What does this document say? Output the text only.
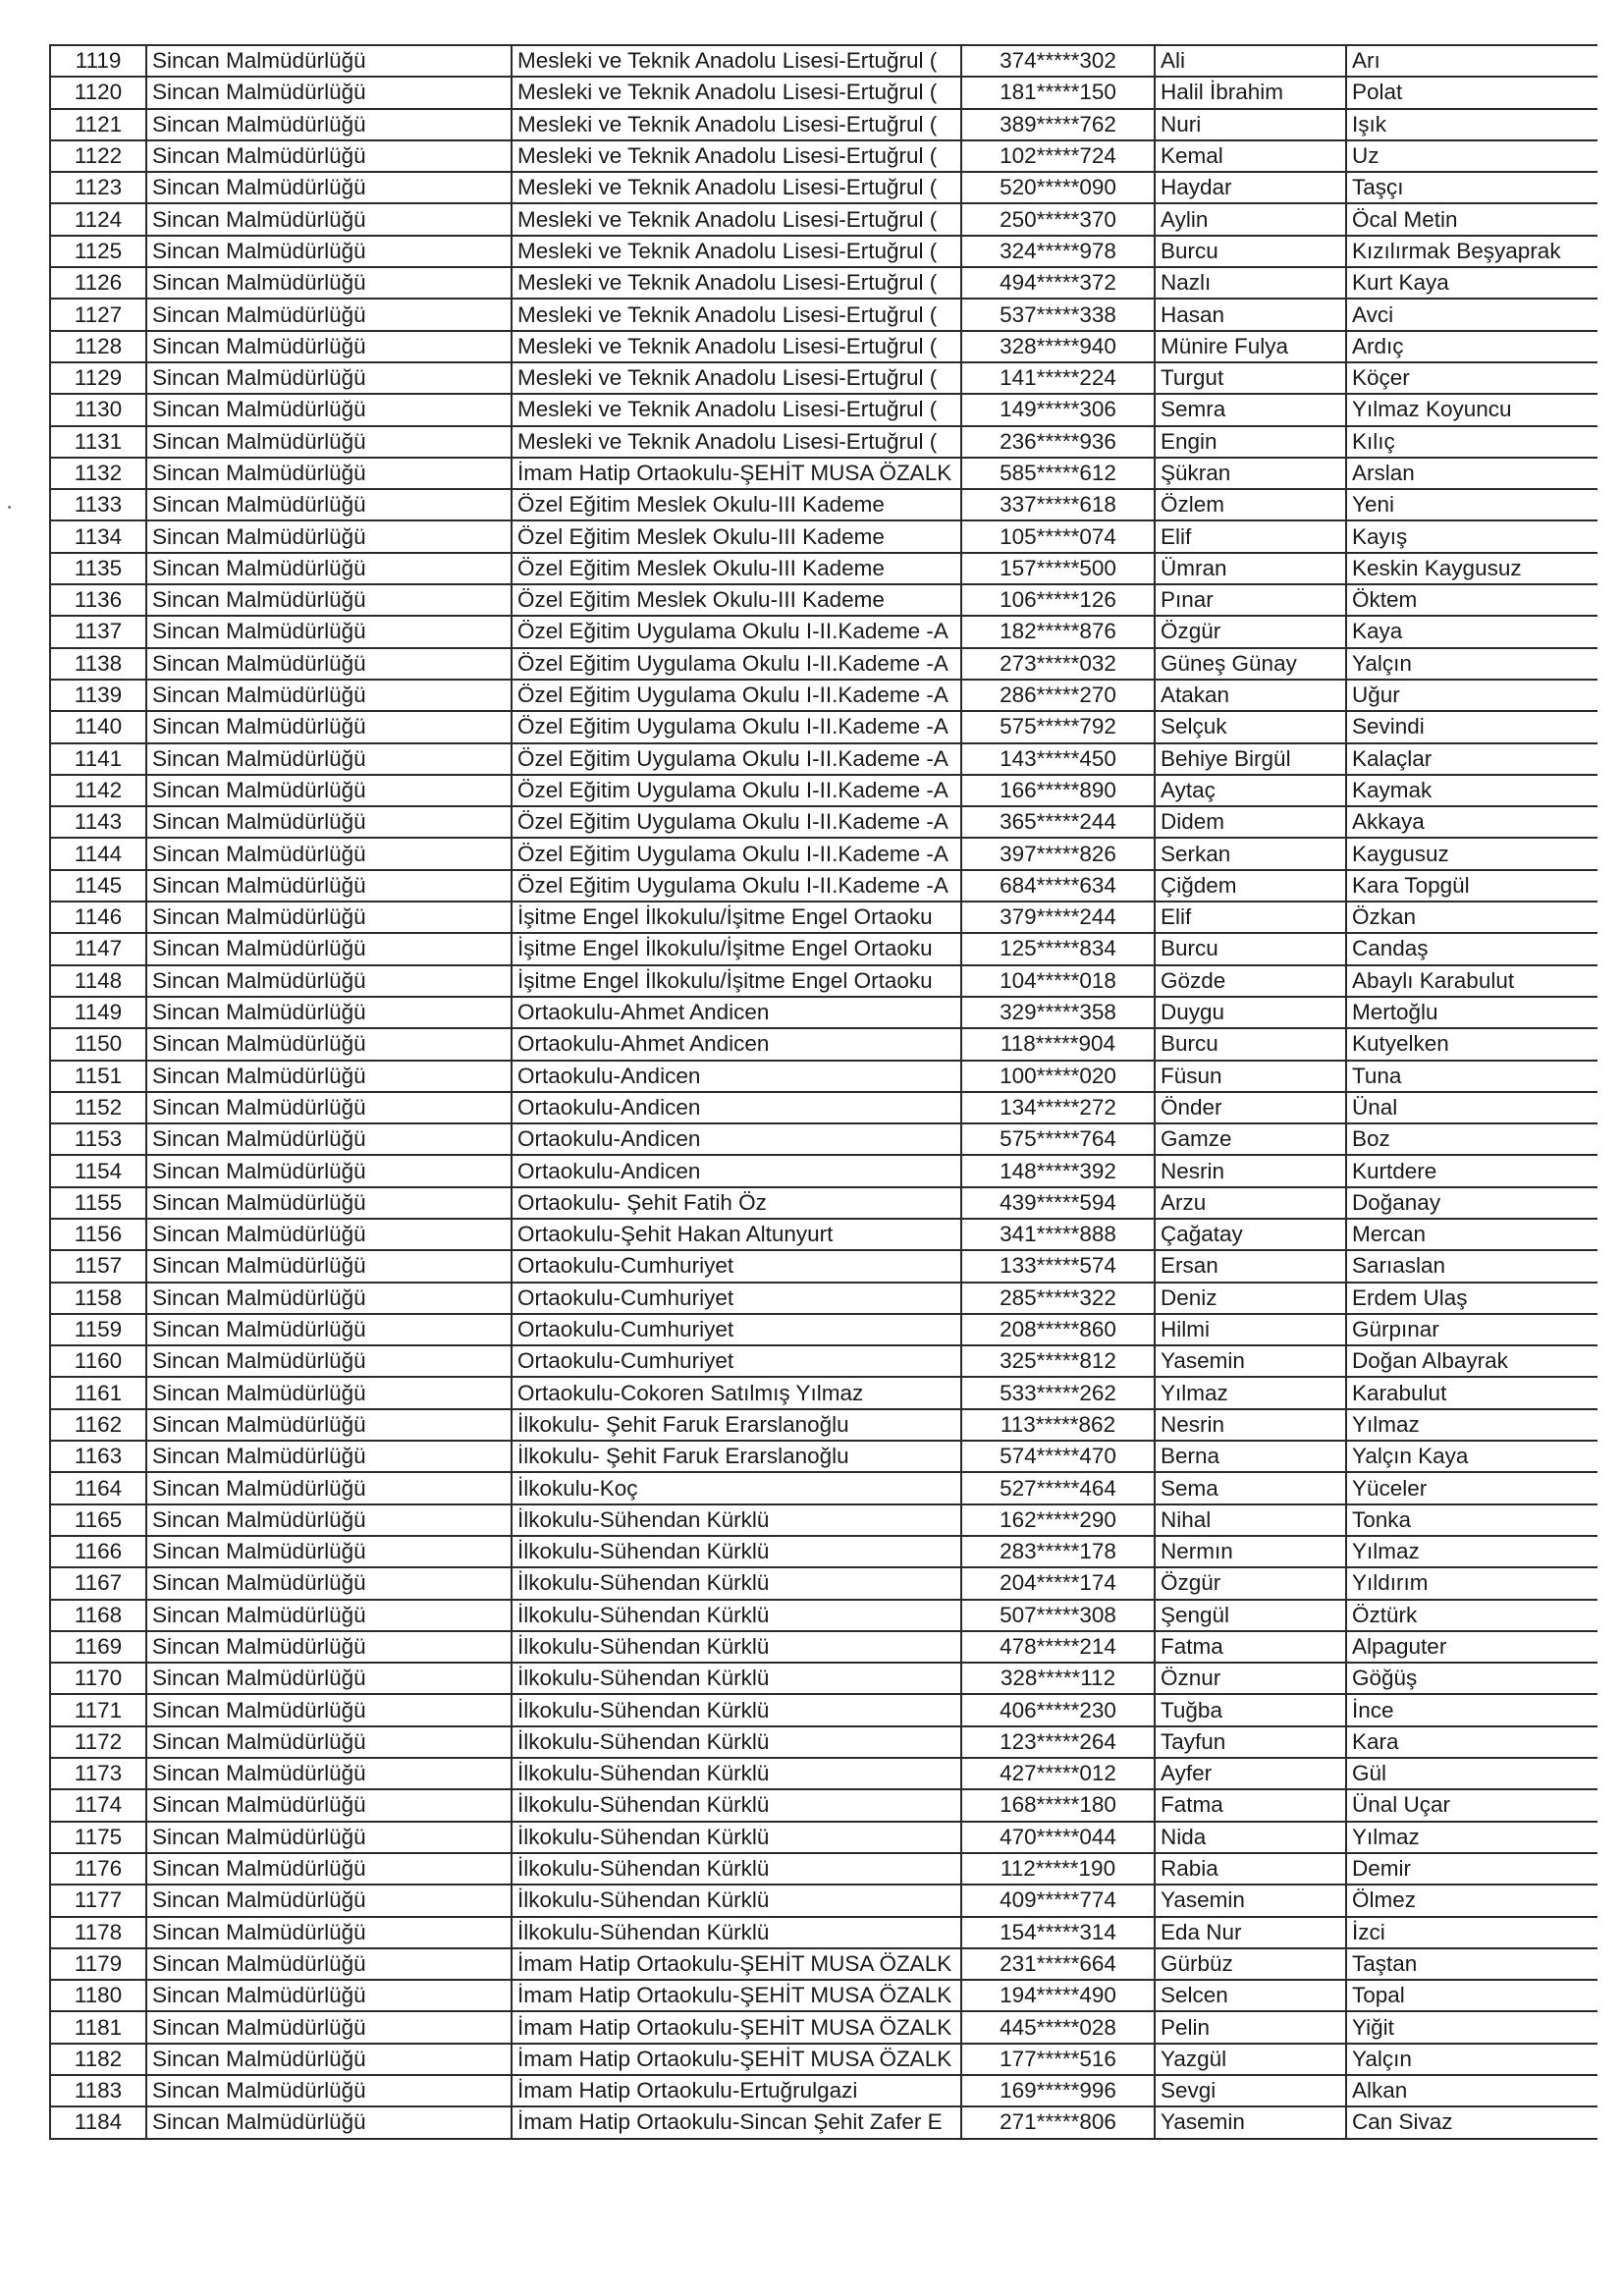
1119	Sincan Malmüdürlüğü	Mesleki ve Teknik Anadolu Lisesi-Ertuğrul (	374*****302	Ali	Arı
1120	Sincan Malmüdürlüğü	Mesleki ve Teknik Anadolu Lisesi-Ertuğrul (	181*****150	Halil İbrahim	Polat
1121	Sincan Malmüdürlüğü	Mesleki ve Teknik Anadolu Lisesi-Ertuğrul (	389*****762	Nuri	Işık
1122	Sincan Malmüdürlüğü	Mesleki ve Teknik Anadolu Lisesi-Ertuğrul (	102*****724	Kemal	Uz
1123	Sincan Malmüdürlüğü	Mesleki ve Teknik Anadolu Lisesi-Ertuğrul (	520*****090	Haydar	Taşçı
1124	Sincan Malmüdürlüğü	Mesleki ve Teknik Anadolu Lisesi-Ertuğrul (	250*****370	Aylin	Öcal Metin
1125	Sincan Malmüdürlüğü	Mesleki ve Teknik Anadolu Lisesi-Ertuğrul (	324*****978	Burcu	Kızılırmak Beşyaprak
1126	Sincan Malmüdürlüğü	Mesleki ve Teknik Anadolu Lisesi-Ertuğrul (	494*****372	Nazlı	Kurt Kaya
1127	Sincan Malmüdürlüğü	Mesleki ve Teknik Anadolu Lisesi-Ertuğrul (	537*****338	Hasan	Avci
1128	Sincan Malmüdürlüğü	Mesleki ve Teknik Anadolu Lisesi-Ertuğrul (	328*****940	Münire Fulya	Ardıç
1129	Sincan Malmüdürlüğü	Mesleki ve Teknik Anadolu Lisesi-Ertuğrul (	141*****224	Turgut	Köçer
1130	Sincan Malmüdürlüğü	Mesleki ve Teknik Anadolu Lisesi-Ertuğrul (	149*****306	Semra	Yılmaz Koyuncu
1131	Sincan Malmüdürlüğü	Mesleki ve Teknik Anadolu Lisesi-Ertuğrul (	236*****936	Engin	Kılıç
1132	Sincan Malmüdürlüğü	İmam Hatip Ortaokulu-ŞEHİT MUSA ÖZALK	585*****612	Şükran	Arslan
1133	Sincan Malmüdürlüğü	Özel Eğitim Meslek Okulu-III Kademe	337*****618	Özlem	Yeni
1134	Sincan Malmüdürlüğü	Özel Eğitim Meslek Okulu-III Kademe	105*****074	Elif	Kayış
1135	Sincan Malmüdürlüğü	Özel Eğitim Meslek Okulu-III Kademe	157*****500	Ümran	Keskin Kaygusuz
1136	Sincan Malmüdürlüğü	Özel Eğitim Meslek Okulu-III Kademe	106*****126	Pınar	Öktem
1137	Sincan Malmüdürlüğü	Özel Eğitim Uygulama Okulu I-II.Kademe -A	182*****876	Özgür	Kaya
1138	Sincan Malmüdürlüğü	Özel Eğitim Uygulama Okulu I-II.Kademe -A	273*****032	Güneş Günay	Yalçın
1139	Sincan Malmüdürlüğü	Özel Eğitim Uygulama Okulu I-II.Kademe -A	286*****270	Atakan	Uğur
1140	Sincan Malmüdürlüğü	Özel Eğitim Uygulama Okulu I-II.Kademe -A	575*****792	Selçuk	Sevindi
1141	Sincan Malmüdürlüğü	Özel Eğitim Uygulama Okulu I-II.Kademe -A	143*****450	Behiye Birgül	Kalaçlar
1142	Sincan Malmüdürlüğü	Özel Eğitim Uygulama Okulu I-II.Kademe -A	166*****890	Aytaç	Kaymak
1143	Sincan Malmüdürlüğü	Özel Eğitim Uygulama Okulu I-II.Kademe -A	365*****244	Didem	Akkaya
1144	Sincan Malmüdürlüğü	Özel Eğitim Uygulama Okulu I-II.Kademe -A	397*****826	Serkan	Kaygusuz
1145	Sincan Malmüdürlüğü	Özel Eğitim Uygulama Okulu I-II.Kademe -A	684*****634	Çiğdem	Kara Topgül
1146	Sincan Malmüdürlüğü	İşitme Engel İlkokulu/İşitme Engel Ortaoku	379*****244	Elif	Özkan
1147	Sincan Malmüdürlüğü	İşitme Engel İlkokulu/İşitme Engel Ortaoku	125*****834	Burcu	Candaş
1148	Sincan Malmüdürlüğü	İşitme Engel İlkokulu/İşitme Engel Ortaoku	104*****018	Gözde	Abaylı Karabulut
1149	Sincan Malmüdürlüğü	Ortaokulu-Ahmet Andicen	329*****358	Duygu	Mertoğlu
1150	Sincan Malmüdürlüğü	Ortaokulu-Ahmet Andicen	118*****904	Burcu	Kutyelken
1151	Sincan Malmüdürlüğü	Ortaokulu-Andicen	100*****020	Füsun	Tuna
1152	Sincan Malmüdürlüğü	Ortaokulu-Andicen	134*****272	Önder	Ünal
1153	Sincan Malmüdürlüğü	Ortaokulu-Andicen	575*****764	Gamze	Boz
1154	Sincan Malmüdürlüğü	Ortaokulu-Andicen	148*****392	Nesrin	Kurtdere
1155	Sincan Malmüdürlüğü	Ortaokulu- Şehit Fatih Öz	439*****594	Arzu	Doğanay
1156	Sincan Malmüdürlüğü	Ortaokulu-Şehit Hakan Altunyurt	341*****888	Çağatay	Mercan
1157	Sincan Malmüdürlüğü	Ortaokulu-Cumhuriyet	133*****574	Ersan	Sarıaslan
1158	Sincan Malmüdürlüğü	Ortaokulu-Cumhuriyet	285*****322	Deniz	Erdem Ulaş
1159	Sincan Malmüdürlüğü	Ortaokulu-Cumhuriyet	208*****860	Hilmi	Gürpınar
1160	Sincan Malmüdürlüğü	Ortaokulu-Cumhuriyet	325*****812	Yasemin	Doğan Albayrak
1161	Sincan Malmüdürlüğü	Ortaokulu-Cokoren Satılmış Yılmaz	533*****262	Yılmaz	Karabulut
1162	Sincan Malmüdürlüğü	İlkokulu- Şehit Faruk Erarslanoğlu	113*****862	Nesrin	Yılmaz
1163	Sincan Malmüdürlüğü	İlkokulu- Şehit Faruk Erarslanoğlu	574*****470	Berna	Yalçın Kaya
1164	Sincan Malmüdürlüğü	İlkokulu-Koç	527*****464	Sema	Yüceler
1165	Sincan Malmüdürlüğü	İlkokulu-Sühendan Kürklü	162*****290	Nihal	Tonka
1166	Sincan Malmüdürlüğü	İlkokulu-Sühendan Kürklü	283*****178	Nermın	Yılmaz
1167	Sincan Malmüdürlüğü	İlkokulu-Sühendan Kürklü	204*****174	Özgür	Yıldırım
1168	Sincan Malmüdürlüğü	İlkokulu-Sühendan Kürklü	507*****308	Şengül	Öztürk
1169	Sincan Malmüdürlüğü	İlkokulu-Sühendan Kürklü	478*****214	Fatma	Alpaguter
1170	Sincan Malmüdürlüğü	İlkokulu-Sühendan Kürklü	328*****112	Öznur	Göğüş
1171	Sincan Malmüdürlüğü	İlkokulu-Sühendan Kürklü	406*****230	Tuğba	İnce
1172	Sincan Malmüdürlüğü	İlkokulu-Sühendan Kürklü	123*****264	Tayfun	Kara
1173	Sincan Malmüdürlüğü	İlkokulu-Sühendan Kürklü	427*****012	Ayfer	Gül
1174	Sincan Malmüdürlüğü	İlkokulu-Sühendan Kürklü	168*****180	Fatma	Ünal Uçar
1175	Sincan Malmüdürlüğü	İlkokulu-Sühendan Kürklü	470*****044	Nida	Yılmaz
1176	Sincan Malmüdürlüğü	İlkokulu-Sühendan Kürklü	112*****190	Rabia	Demir
1177	Sincan Malmüdürlüğü	İlkokulu-Sühendan Kürklü	409*****774	Yasemin	Ölmez
1178	Sincan Malmüdürlüğü	İlkokulu-Sühendan Kürklü	154*****314	Eda Nur	İzci
1179	Sincan Malmüdürlüğü	İmam Hatip Ortaokulu-ŞEHİT MUSA ÖZALK	231*****664	Gürbüz	Taştan
1180	Sincan Malmüdürlüğü	İmam Hatip Ortaokulu-ŞEHİT MUSA ÖZALK	194*****490	Selcen	Topal
1181	Sincan Malmüdürlüğü	İmam Hatip Ortaokulu-ŞEHİT MUSA ÖZALK	445*****028	Pelin	Yiğit
1182	Sincan Malmüdürlüğü	İmam Hatip Ortaokulu-ŞEHİT MUSA ÖZALK	177*****516	Yazgül	Yalçın
1183	Sincan Malmüdürlüğü	İmam Hatip Ortaokulu-Ertuğrulgazi	169*****996	Sevgi	Alkan
1184	Sincan Malmüdürlüğü	İmam Hatip Ortaokulu-Sincan Şehit Zafer E	271*****806	Yasemin	Can Sivaz
